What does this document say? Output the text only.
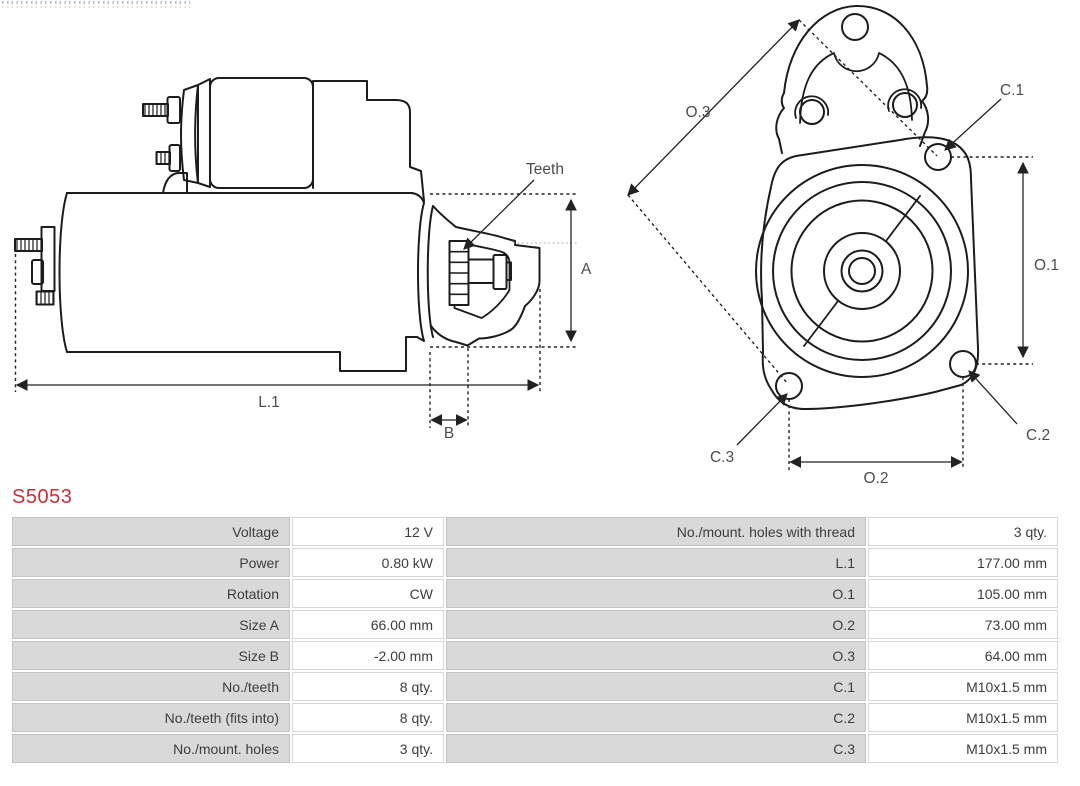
Teeth
A
L.1
B
O.3
C.1
O.1
C.2
C.3
O.2
S5053
Voltage	12 V	No./mount. holes with thread	3 qty.
Power	0.80 kW	L.1	177.00 mm
Rotation	CW	O.1	105.00 mm
Size A	66.00 mm	O.2	73.00 mm
Size B	-2.00 mm	O.3	64.00 mm
No./teeth	8 qty.	C.1	M10x1.5 mm
No./teeth (fits into)	8 qty.	C.2	M10x1.5 mm
No./mount. holes	3 qty.	C.3	M10x1.5 mm
